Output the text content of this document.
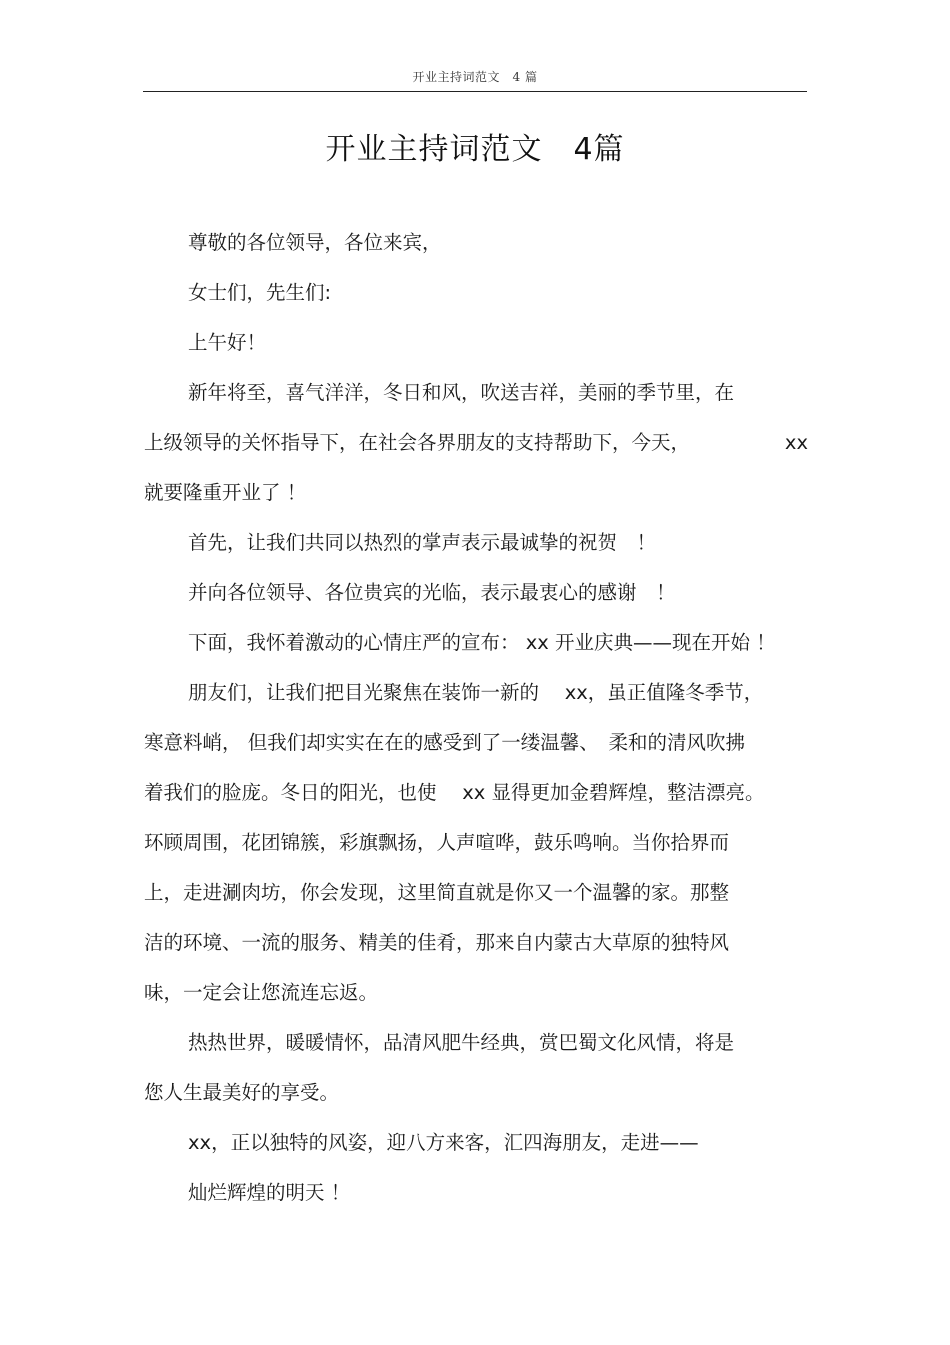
开业主持词范文　4 篇
开业主持词范文　4篇
尊敬的各位领导，各位来宾，
女士们，先生们:
上午好！
新年将至，喜气洋洋，冬日和风，吹送吉祥，美丽的季节里，在
上级领导的关怀指导下，在社会各界朋友的支持帮助下，今天，	xx
就要隆重开业了 ！
首先，让我们共同以热烈的掌声表示最诚挚的祝贺　！
并向各位领导、各位贵宾的光临，表示最衷心的感谢　！
下面，我怀着激动的心情庄严的宣布： xx 开业庆典——现在开始 ！
朋友们，让我们把目光聚焦在装饰一新的　 xx，虽正值隆冬季节，
寒意料峭， 但我们却实实在在的感受到了一缕温馨、　柔和的清风吹拂
着我们的脸庞。冬日的阳光，也使　 xx 显得更加金碧辉煌，整洁漂亮。
环顾周围，花团锦簇，彩旗飘扬，人声喧哗，鼓乐鸣响。当你拾界而
上，走进涮肉坊，你会发现，这里简直就是你又一个温馨的家。那整
洁的环境、一流的服务、精美的佳肴，那来自内蒙古大草原的独特风
味，一定会让您流连忘返。
热热世界，暖暖情怀，品清风肥牛经典，赏巴蜀文化风情，将是
您人生最美好的享受。
xx，正以独特的风姿，迎八方来客，汇四海朋友，走进——
灿烂辉煌的明天 ！
